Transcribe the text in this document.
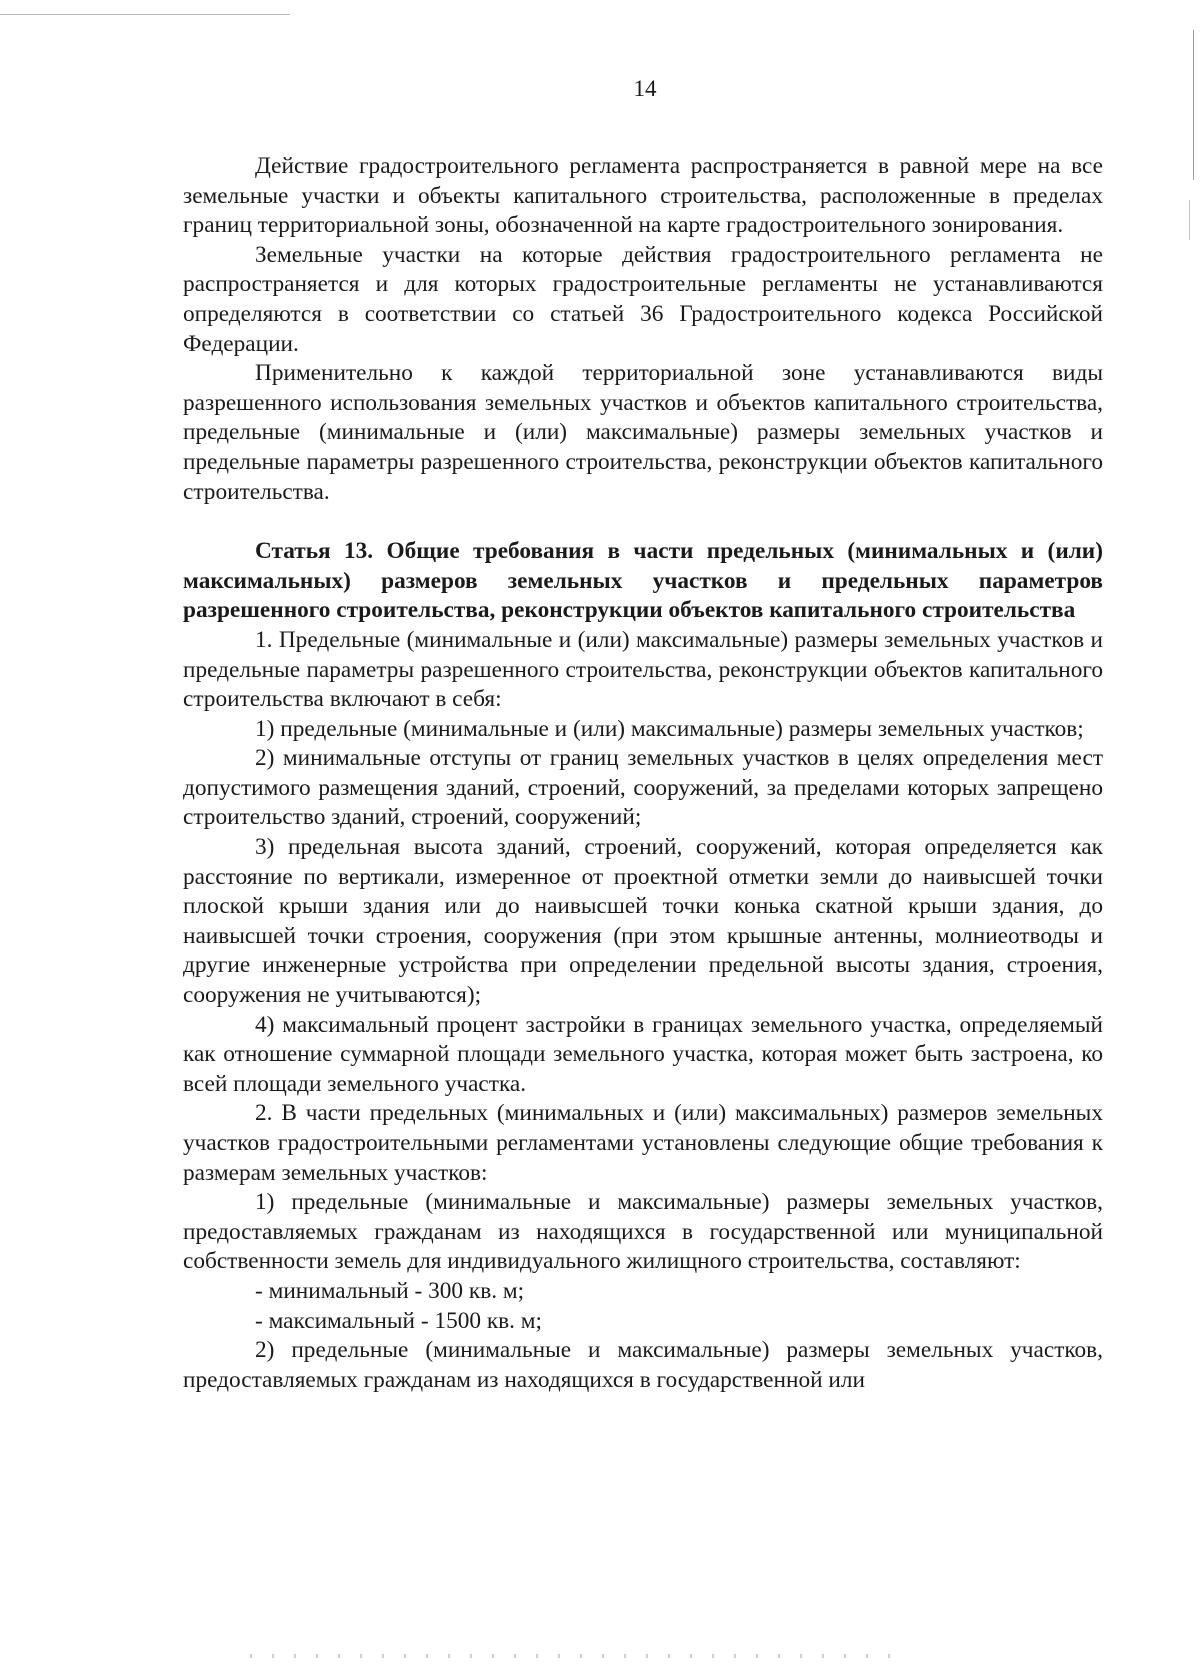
14

Действие градостроительного регламента распространяется в равной мере на все земельные участки и объекты капитального строительства, расположенные в пределах границ территориальной зоны, обозначенной на карте градостроительного зонирования.

Земельные участки на которые действия градостроительного регламента не распространяется и для которых градостроительные регламенты не устанавливаются определяются в соответствии со статьей 36 Градостроительного кодекса Российской Федерации.

Применительно к каждой территориальной зоне устанавливаются виды разрешенного использования земельных участков и объектов капитального строительства, предельные (минимальные и (или) максимальные) размеры земельных участков и предельные параметры разрешенного строительства, реконструкции объектов капитального строительства.

Статья 13. Общие требования в части предельных (минимальных и (или) максимальных) размеров земельных участков и предельных параметров разрешенного строительства, реконструкции объектов капитального строительства

1. Предельные (минимальные и (или) максимальные) размеры земельных участков и предельные параметры разрешенного строительства, реконструкции объектов капитального строительства включают в себя:

1) предельные (минимальные и (или) максимальные) размеры земельных участков;

2) минимальные отступы от границ земельных участков в целях определения мест допустимого размещения зданий, строений, сооружений, за пределами которых запрещено строительство зданий, строений, сооружений;

3) предельная высота зданий, строений, сооружений, которая определяется как расстояние по вертикали, измеренное от проектной отметки земли до наивысшей точки плоской крыши здания или до наивысшей точки конька скатной крыши здания, до наивысшей точки строения, сооружения (при этом крышные антенны, молниеотводы и другие инженерные устройства при определении предельной высоты здания, строения, сооружения не учитываются);

4) максимальный процент застройки в границах земельного участка, определяемый как отношение суммарной площади земельного участка, которая может быть застроена, ко всей площади земельного участка.

2. В части предельных (минимальных и (или) максимальных) размеров земельных участков градостроительными регламентами установлены следующие общие требования к размерам земельных участков:

1) предельные (минимальные и максимальные) размеры земельных участков, предоставляемых гражданам из находящихся в государственной или муниципальной собственности земель для индивидуального жилищного строительства, составляют:

- минимальный - 300 кв. м;

- максимальный - 1500 кв. м;

2) предельные (минимальные и максимальные) размеры земельных участков, предоставляемых гражданам из находящихся в государственной или
